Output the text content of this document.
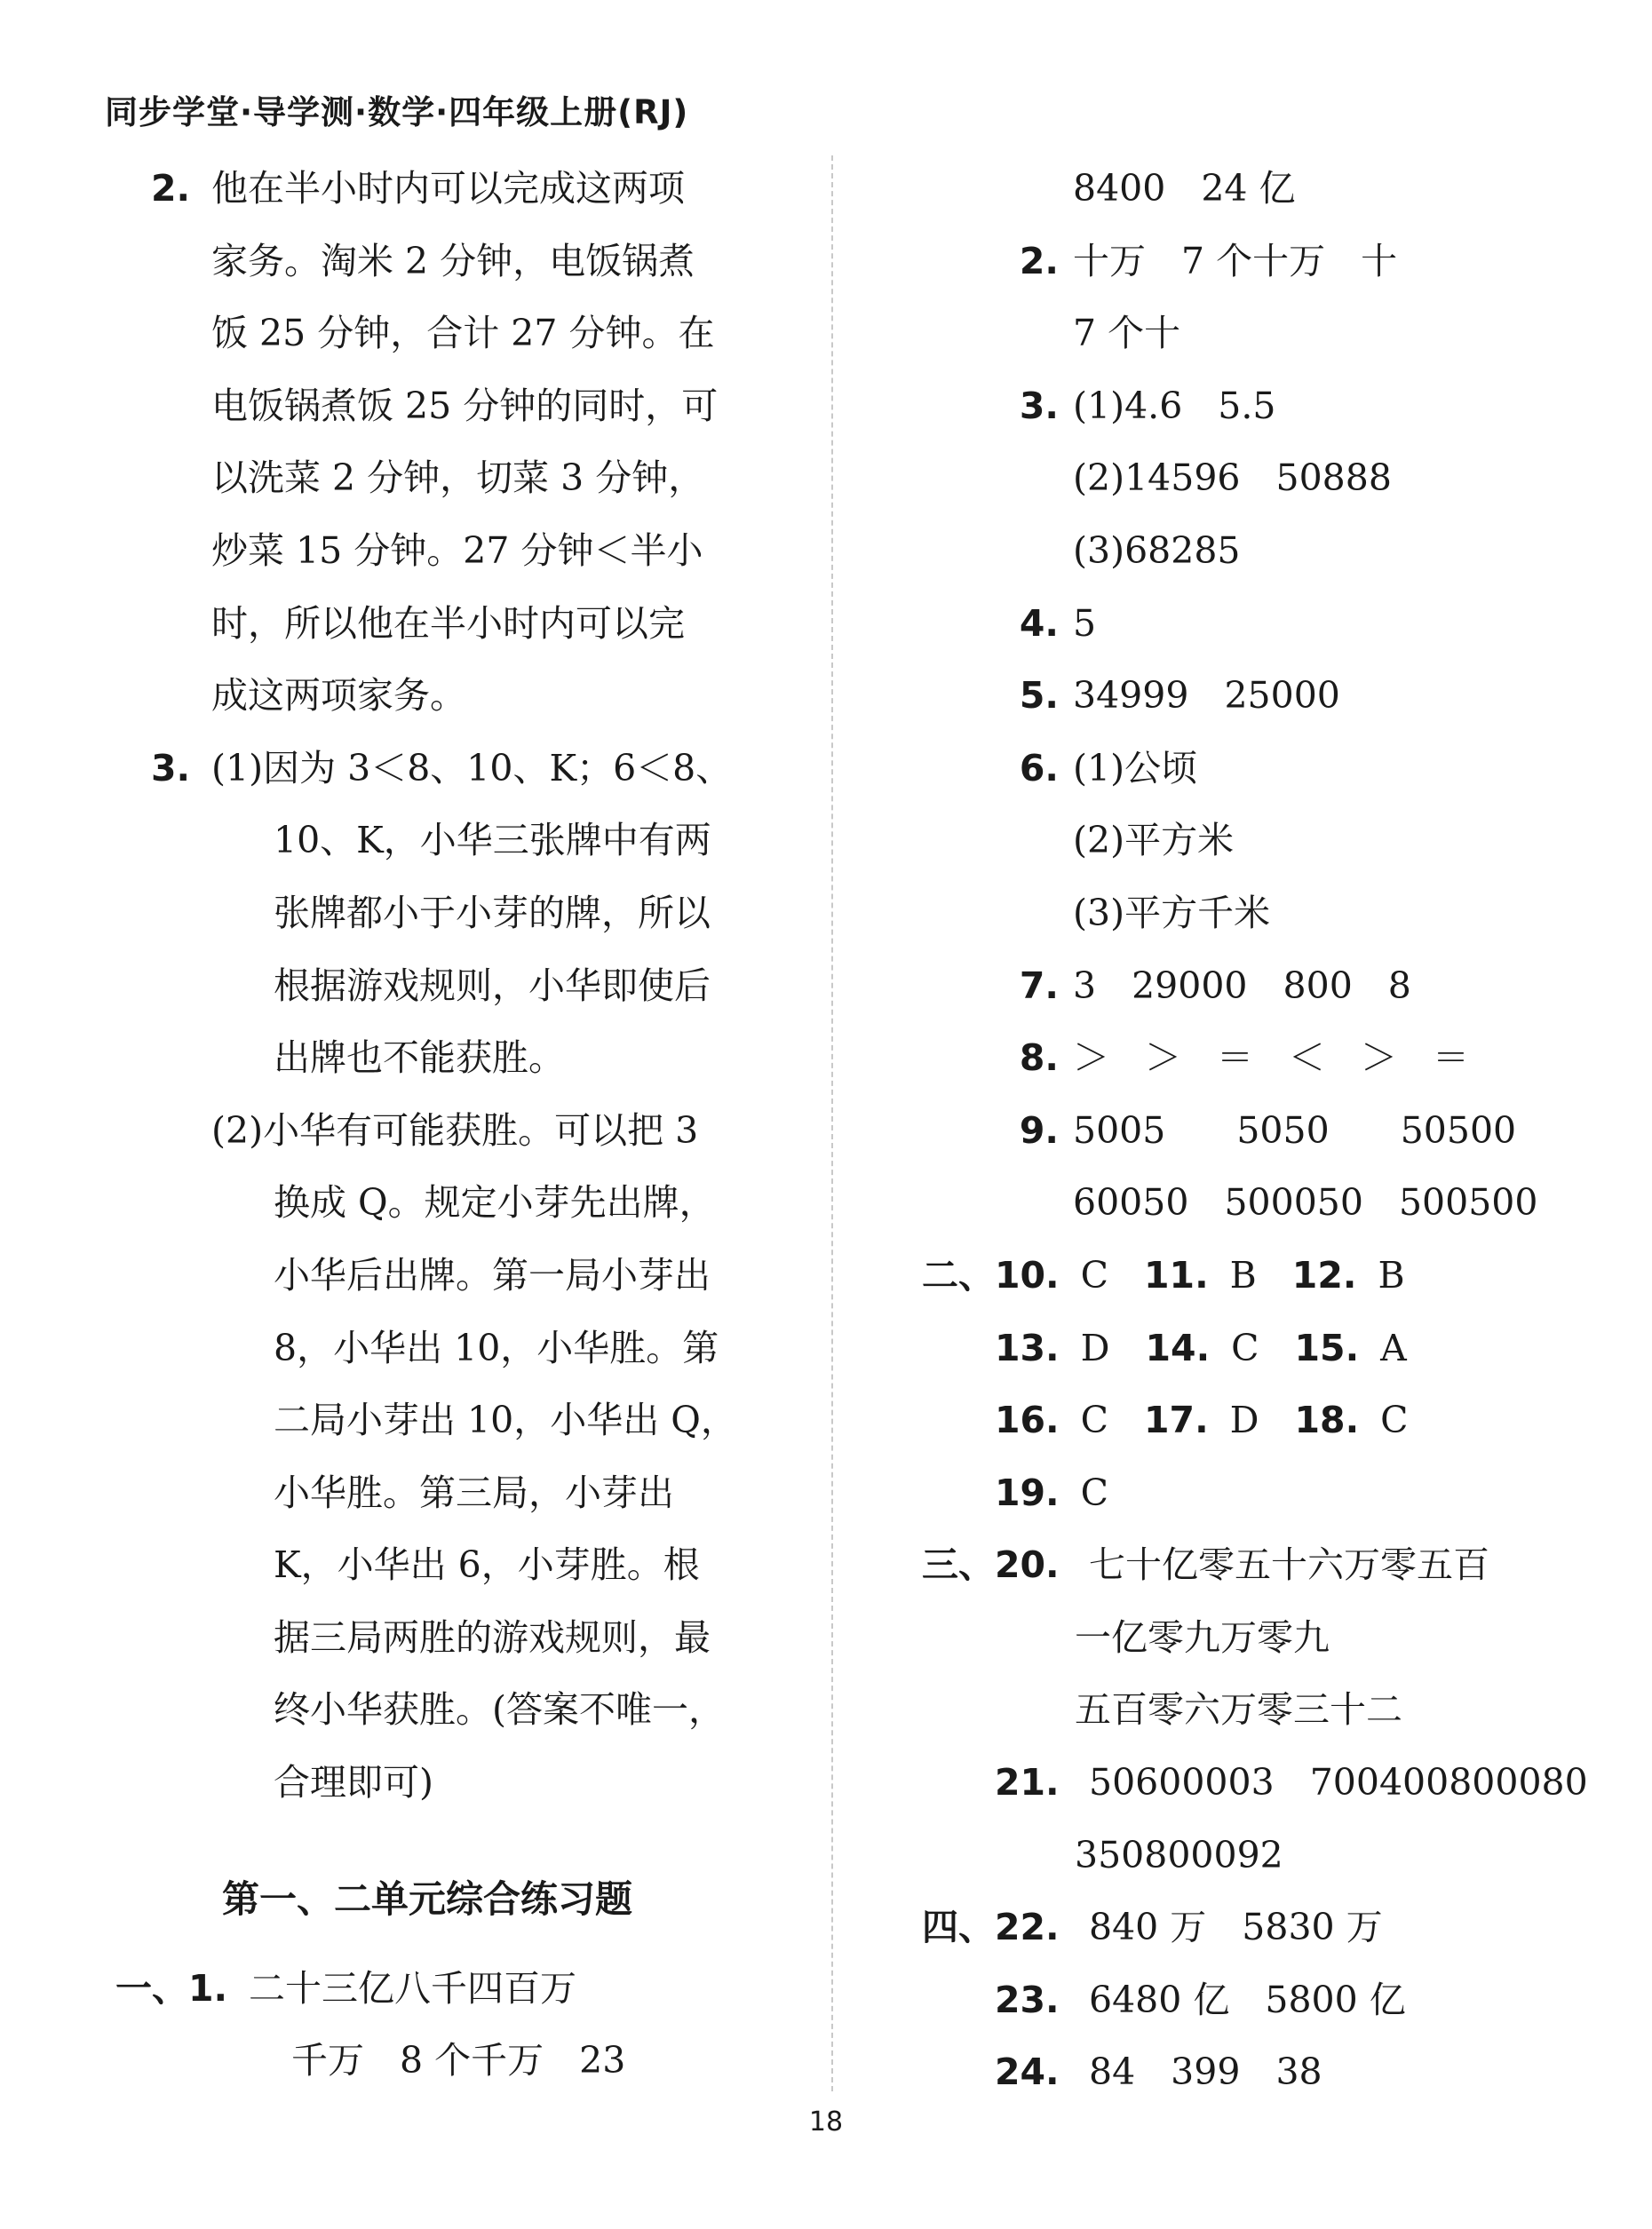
同步学堂·导学测·数学·四年级上册(RJ)
2. 他在半小时内可以完成这两项
家务。淘米 2 分钟，电饭锅煮
饭 25 分钟，合计 27 分钟。在
电饭锅煮饭 25 分钟的同时，可
以洗菜 2 分钟，切菜 3 分钟，
炒菜 15 分钟。27 分钟＜半小
时，所以他在半小时内可以完
成这两项家务。
3. (1)因为 3＜8、10、K；6＜8、
10、K，小华三张牌中有两
张牌都小于小芽的牌，所以
根据游戏规则，小华即使后
出牌也不能获胜。
(2)小华有可能获胜。可以把 3
换成 Q。规定小芽先出牌，
小华后出牌。第一局小芽出
8，小华出 10，小华胜。第
二局小芽出 10，小华出 Q，
小华胜。第三局，小芽出
K，小华出 6，小芽胜。根
据三局两胜的游戏规则，最
终小华获胜。(答案不唯一，
合理即可)
第一、二单元综合练习题
一、1. 二十三亿八千四百万
千万 8 个千万 23
8400 24 亿
2. 十万 7 个十万 十
7 个十
3. (1)4.6 5.5
(2)14596 50888
(3)68285
4. 5
5. 34999 25000
6. (1)公顷
(2)平方米
(3)平方千米
7. 3 29000 800 8
8. ＞ ＞ ＝ ＜ ＞ ＝
9. 5005 5050 50500
60050 500050 500500
二、10. C 11. B 12. B
13. D 14. C 15. A
16. C 17. D 18. C
19. C
三、20. 七十亿零五十六万零五百
一亿零九万零九
五百零六万零三十二
21. 50600003 700400800080
350800092
四、22. 840 万 5830 万
23. 6480 亿 5800 亿
24. 84 399 38
18
